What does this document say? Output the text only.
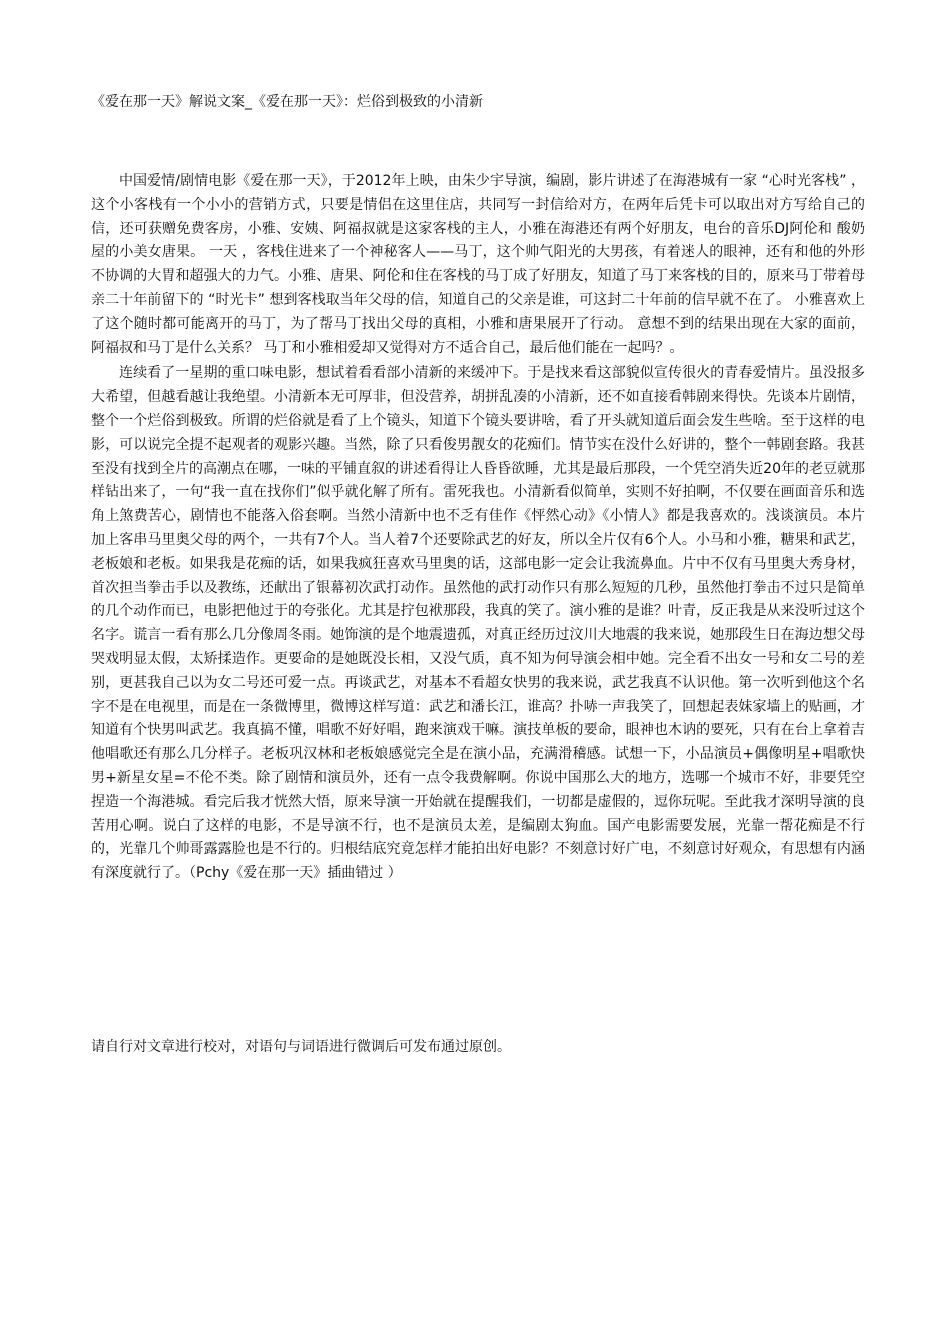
《爱在那一天》解说文案_《爱在那一天》：烂俗到极致的小清新

中国爱情/剧情电影《爱在那一天》，于2012年上映，由朱少宇导演，编剧，影片讲述了在海港城有一家 “心时光客栈” ，这个小客栈有一个小小的营销方式，只要是情侣在这里住店，共同写一封信给对方，在两年后凭卡可以取出对方写给自己的信，还可获赠免费客房，小雅、安姨、阿福叔就是这家客栈的主人，小雅在海港还有两个好朋友，电台的音乐DJ阿伦和 酸奶屋的小美女唐果。 一天 ，客栈住进来了一个神秘客人——马丁，这个帅气阳光的大男孩，有着迷人的眼神，还有和他的外形不协调的大胃和超强大的力气。小雅、唐果、阿伦和住在客栈的马丁成了好朋友，知道了马丁来客栈的目的，原来马丁带着母亲二十年前留下的 “时光卡” 想到客栈取当年父母的信，知道自己的父亲是谁，可这封二十年前的信早就不在了。 小雅喜欢上了这个随时都可能离开的马丁，为了帮马丁找出父母的真相，小雅和唐果展开了行动。 意想不到的结果出现在大家的面前，阿福叔和马丁是什么关系？ 马丁和小雅相爱却又觉得对方不适合自己，最后他们能在一起吗？。

连续看了一星期的重口味电影，想试着看看部小清新的来缓冲下。于是找来看这部貌似宣传很火的青春爱情片。虽没报多大希望，但越看越让我绝望。小清新本无可厚非，但没营养，胡拼乱凑的小清新，还不如直接看韩剧来得快。先谈本片剧情，整个一个烂俗到极致。所谓的烂俗就是看了上个镜头，知道下个镜头要讲啥，看了开头就知道后面会发生些啥。至于这样的电影，可以说完全提不起观者的观影兴趣。当然，除了只看俊男靓女的花痴们。情节实在没什么好讲的，整个一韩剧套路。我甚至没有找到全片的高潮点在哪，一味的平铺直叙的讲述看得让人昏昏欲睡，尤其是最后那段，一个凭空消失近20年的老豆就那样钻出来了，一句“我一直在找你们”似乎就化解了所有。雷死我也。小清新看似简单，实则不好拍啊，不仅要在画面音乐和选角上煞费苦心，剧情也不能落入俗套啊。当然小清新中也不乏有佳作《怦然心动》《小情人》都是我喜欢的。浅谈演员。本片加上客串马里奥父母的两个，一共有7个人。当人着7个还要除武艺的好友，所以全片仅有6个人。小马和小雅，糖果和武艺，老板娘和老板。如果我是花痴的话，如果我疯狂喜欢马里奥的话，这部电影一定会让我流鼻血。片中不仅有马里奥大秀身材，首次担当拳击手以及教练，还献出了银幕初次武打动作。虽然他的武打动作只有那么短短的几秒，虽然他打拳击不过只是简单的几个动作而已，电影把他过于的夸张化。尤其是拧包袱那段，我真的笑了。演小雅的是谁？叶青，反正我是从来没听过这个名字。谎言一看有那么几分像周冬雨。她饰演的是个地震遗孤，对真正经历过汶川大地震的我来说，她那段生日在海边想父母哭戏明显太假，太矫揉造作。更要命的是她既没长相，又没气质，真不知为何导演会相中她。完全看不出女一号和女二号的差别，更甚我自己以为女二号还可爱一点。再谈武艺，对基本不看超女快男的我来说，武艺我真不认识他。第一次听到他这个名字不是在电视里，而是在一条微博里，微博这样写道：武艺和潘长江，谁高？扑哧一声我笑了，回想起表妹家墙上的贴画，才知道有个快男叫武艺。我真搞不懂，唱歌不好好唱，跑来演戏干嘛。演技单板的要命，眼神也木讷的要死，只有在台上拿着吉他唱歌还有那么几分样子。老板巩汉林和老板娘感觉完全是在演小品，充满滑稽感。试想一下，小品演员+偶像明星+唱歌快男+新星女星=不伦不类。除了剧情和演员外，还有一点令我费解啊。你说中国那么大的地方，选哪一个城市不好，非要凭空捏造一个海港城。看完后我才恍然大悟，原来导演一开始就在提醒我们，一切都是虚假的，逗你玩呢。至此我才深明导演的良苦用心啊。说白了这样的电影，不是导演不行，也不是演员太差，是编剧太狗血。国产电影需要发展，光靠一帮花痴是不行的，光靠几个帅哥露露脸也是不行的。归根结底究竟怎样才能拍出好电影？不刻意讨好广电，不刻意讨好观众，有思想有内涵有深度就行了。（Pchy《爱在那一天》插曲错过 ）

请自行对文章进行校对，对语句与词语进行微调后可发布通过原创。
